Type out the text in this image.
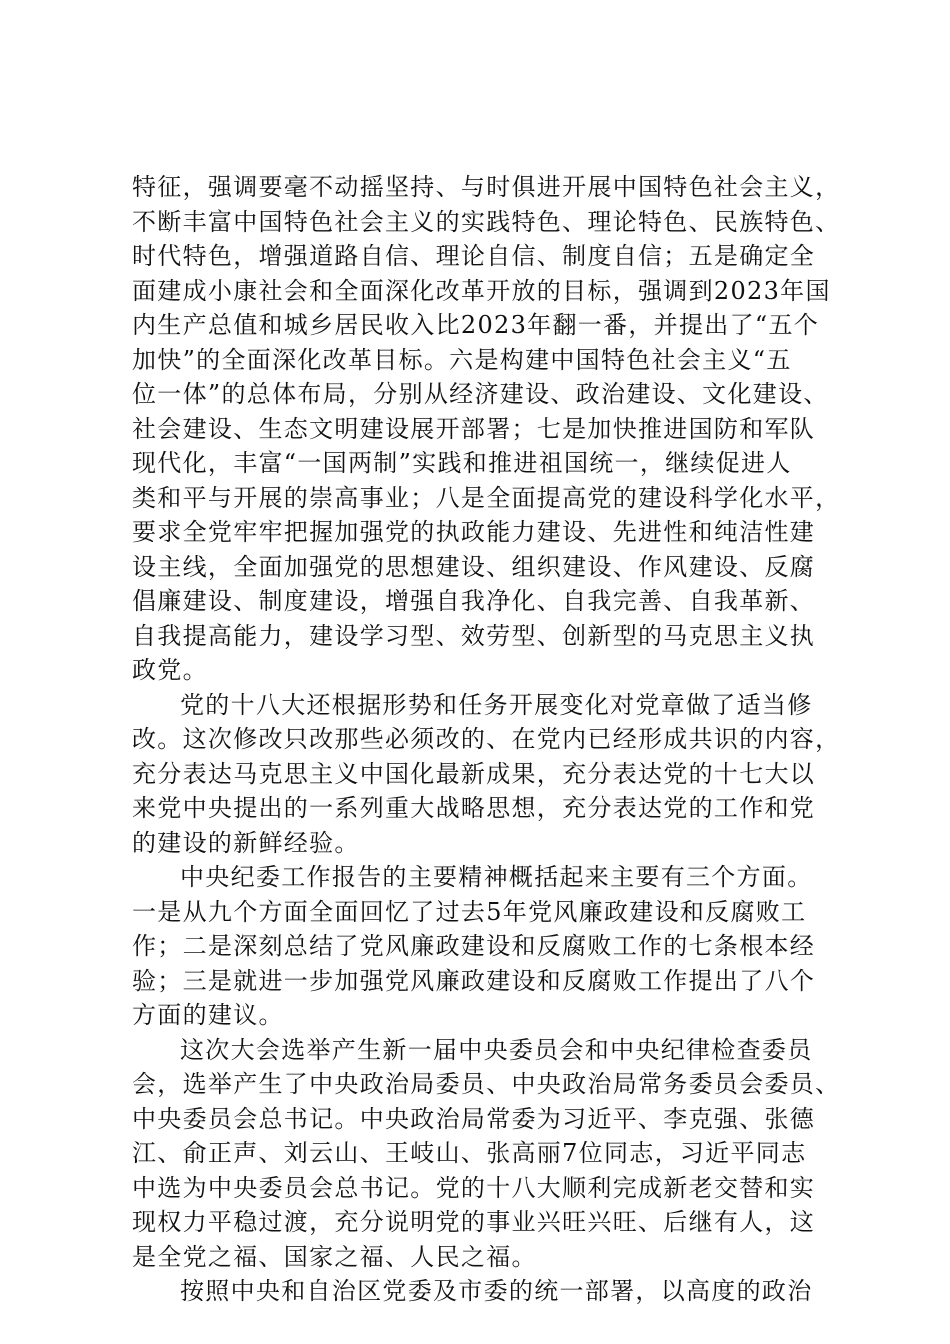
特征，强调要毫不动摇坚持、与时俱进开展中国特色社会主义，
不断丰富中国特色社会主义的实践特色、理论特色、民族特色、
时代特色，增强道路自信、理论自信、制度自信；五是确定全
面建成小康社会和全面深化改革开放的目标，强调到2023年国
内生产总值和城乡居民收入比2023年翻一番，并提出了“五个
加快”的全面深化改革目标。六是构建中国特色社会主义“五
位一体”的总体布局，分别从经济建设、政治建设、文化建设、
社会建设、生态文明建设展开部署；七是加快推进国防和军队
现代化，丰富“一国两制”实践和推进祖国统一，继续促进人
类和平与开展的崇高事业；八是全面提高党的建设科学化水平，
要求全党牢牢把握加强党的执政能力建设、先进性和纯洁性建
设主线，全面加强党的思想建设、组织建设、作风建设、反腐
倡廉建设、制度建设，增强自我净化、自我完善、自我革新、
自我提高能力，建设学习型、效劳型、创新型的马克思主义执
政党。
党的十八大还根据形势和任务开展变化对党章做了适当修
改。这次修改只改那些必须改的、在党内已经形成共识的内容，
充分表达马克思主义中国化最新成果，充分表达党的十七大以
来党中央提出的一系列重大战略思想，充分表达党的工作和党
的建设的新鲜经验。
中央纪委工作报告的主要精神概括起来主要有三个方面。
一是从九个方面全面回忆了过去5年党风廉政建设和反腐败工
作；二是深刻总结了党风廉政建设和反腐败工作的七条根本经
验；三是就进一步加强党风廉政建设和反腐败工作提出了八个
方面的建议。
这次大会选举产生新一届中央委员会和中央纪律检查委员
会，选举产生了中央政治局委员、中央政治局常务委员会委员、
中央委员会总书记。中央政治局常委为习近平、李克强、张德
江、俞正声、刘云山、王岐山、张高丽7位同志，习近平同志
中选为中央委员会总书记。党的十八大顺利完成新老交替和实
现权力平稳过渡，充分说明党的事业兴旺兴旺、后继有人，这
是全党之福、国家之福、人民之福。
按照中央和自治区党委及市委的统一部署，以高度的政治
